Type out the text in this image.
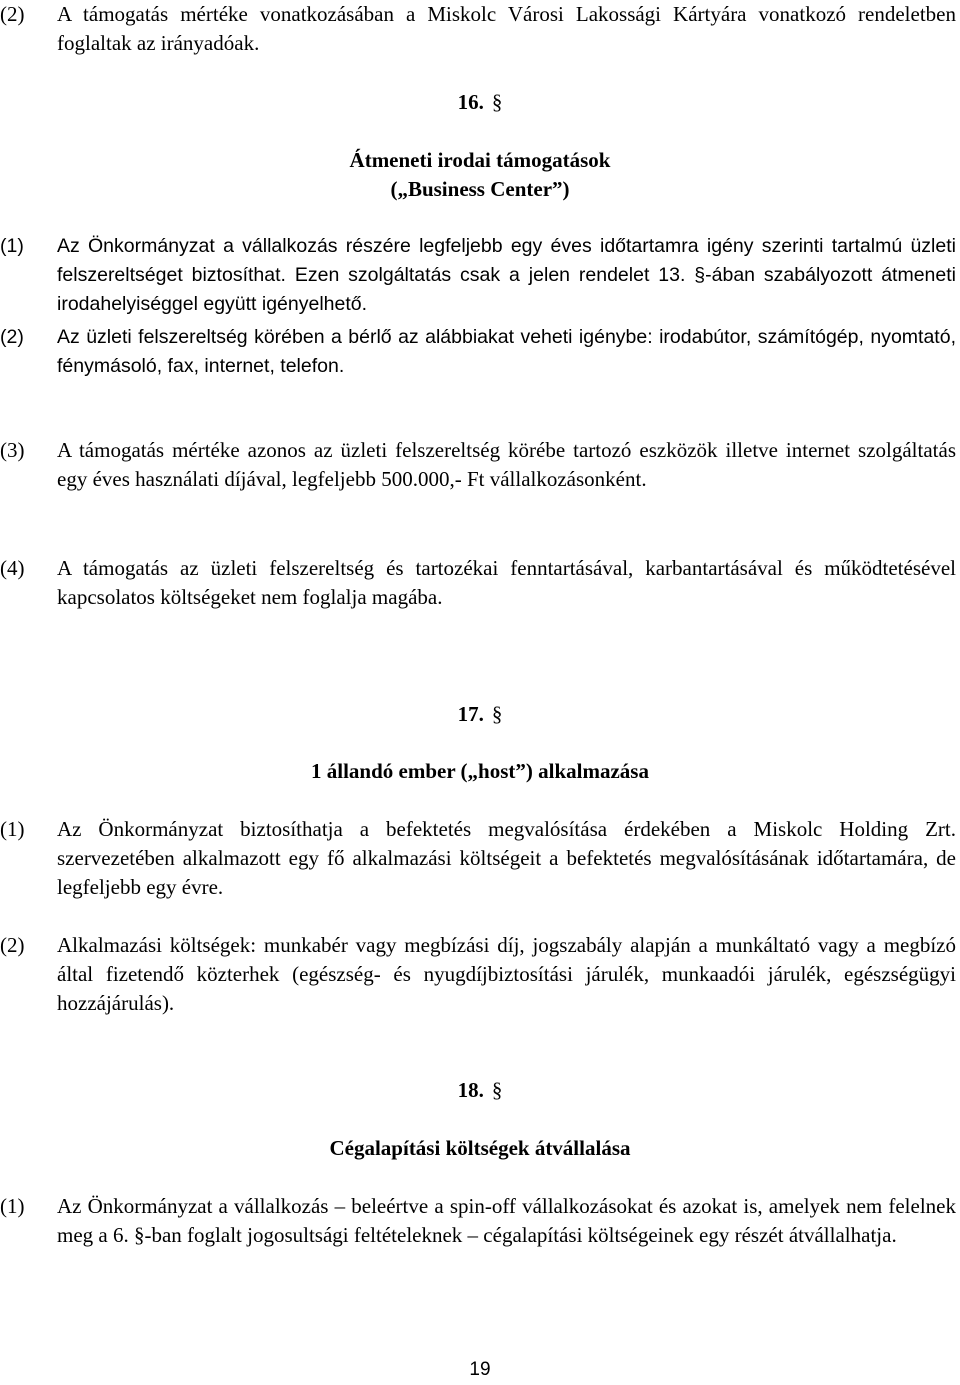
(2)	A támogatás mértéke vonatkozásában a Miskolc Városi Lakossági Kártyára vonatkozó rendeletben foglaltak az irányadóak.
16. §
Átmeneti irodai támogatások
(„Business Center”)
(1)	Az Önkormányzat a vállalkozás részére legfeljebb egy éves időtartamra igény szerinti tartalmú üzleti felszereltséget biztosíthat. Ezen szolgáltatás csak a jelen rendelet 13. §-ában szabályozott átmeneti irodahelyiséggel együtt igényelhető.
(2)	Az üzleti felszereltség körében a bérlő az alábbiakat veheti igénybe: irodabútor, számítógép, nyomtató, fénymásoló, fax, internet, telefon.
(3)	A támogatás mértéke azonos az üzleti felszereltség körébe tartozó eszközök illetve internet szolgáltatás egy éves használati díjával, legfeljebb 500.000,- Ft vállalkozásonként.
(4)	A támogatás az üzleti felszereltség és tartozékai fenntartásával, karbantartásával és működtetésével kapcsolatos költségeket nem foglalja magába.
17. §
1 állandó ember („host”) alkalmazása
(1)	Az Önkormányzat biztosíthatja a befektetés megvalósítása érdekében a Miskolc Holding Zrt. szervezetében alkalmazott egy fő alkalmazási költségeit a befektetés megvalósításának időtartamára, de legfeljebb egy évre.
(2)	Alkalmazási költségek: munkabér vagy megbízási díj, jogszabály alapján a munkáltató vagy a megbízó által fizetendő közterhek (egészség- és nyugdíjbiztosítási járulék, munkaadói járulék, egészségügyi hozzájárulás).
18. §
Cégalapítási költségek átvállalása
(1)	Az Önkormányzat a vállalkozás – beleértve a spin-off vállalkozásokat és azokat is, amelyek nem felelnek meg a 6. §-ban foglalt jogosultsági feltételeknek – cégalapítási költségeinek egy részét átvállalhatja.
19
